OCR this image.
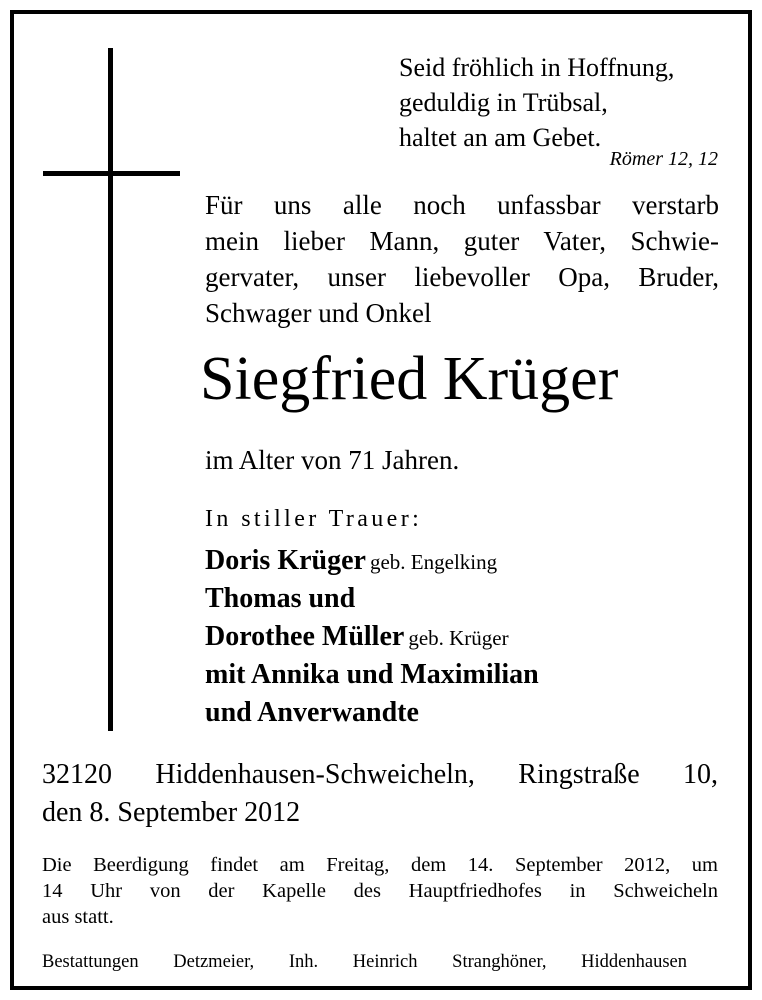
Seid fröhlich in Hoffnung,
geduldig in Trübsal,
haltet an am Gebet.
Römer 12, 12
Für uns alle noch unfassbar verstarb
mein lieber Mann, guter Vater, Schwie-
gervater, unser liebevoller Opa, Bruder,
Schwager und Onkel
Siegfried Krüger
im Alter von 71 Jahren.
In stiller Trauer:
Doris Krüger geb. Engelking
Thomas und
Dorothee Müller geb. Krüger
mit Annika und Maximilian
und Anverwandte
32120 Hiddenhausen-Schweicheln, Ringstraße 10,
den 8. September 2012
Die Beerdigung findet am Freitag, dem 14. September 2012, um
14 Uhr von der Kapelle des Hauptfriedhofes in Schweicheln
aus statt.
Bestattungen Detzmeier, Inh. Heinrich Stranghöner, Hiddenhausen
